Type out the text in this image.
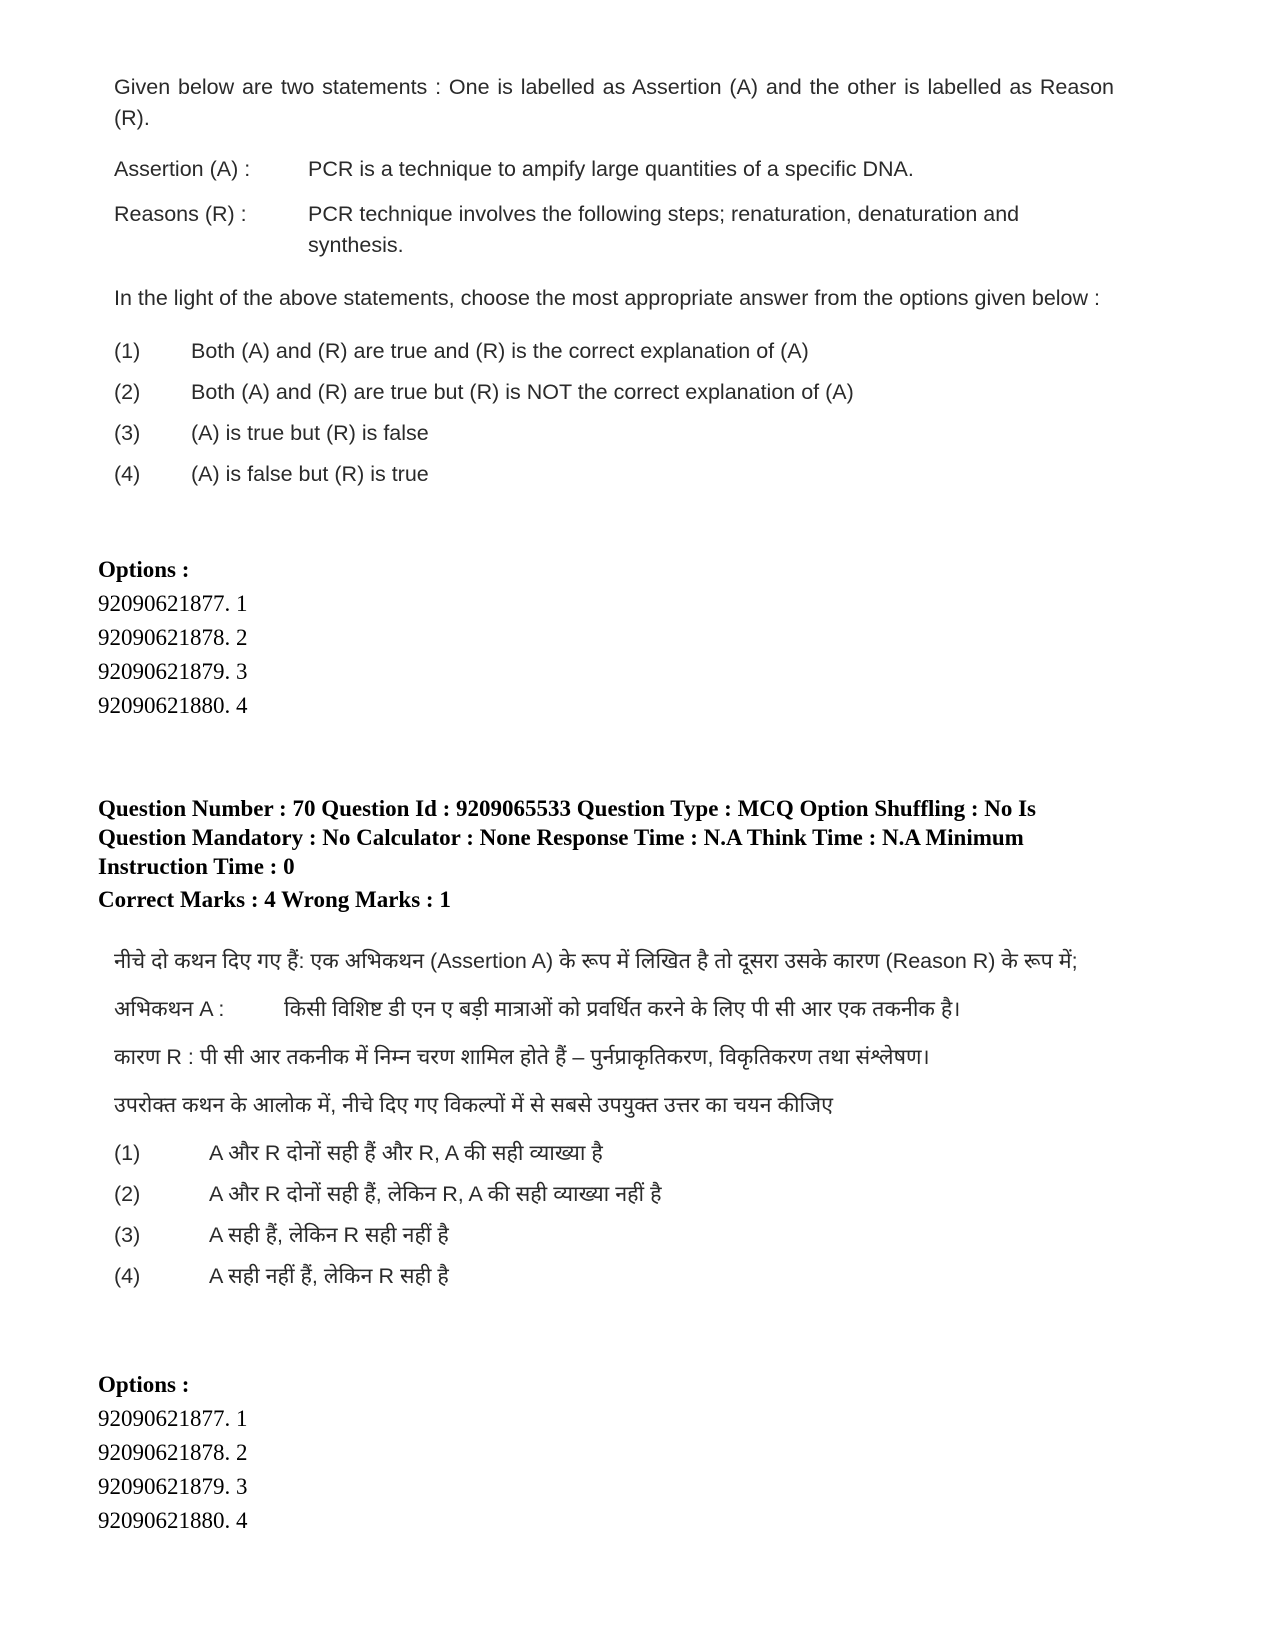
Given below are two statements : One is labelled as Assertion (A) and the other is labelled as Reason (R).

Assertion (A) :	PCR is a technique to ampify large quantities of a specific DNA.
Reasons (R) :	PCR technique involves the following steps; renaturation, denaturation and synthesis.

In the light of the above statements, choose the most appropriate answer from the options given below :

(1)	Both (A) and (R) are true and (R) is the correct explanation of (A)
(2)	Both (A) and (R) are true but (R) is NOT the correct explanation of (A)
(3)	(A) is true but (R) is false
(4)	(A) is false but (R) is true
Options :
92090621877. 1
92090621878. 2
92090621879. 3
92090621880. 4
Question Number : 70 Question Id : 9209065533 Question Type : MCQ Option Shuffling : No Is Question Mandatory : No Calculator : None Response Time : N.A Think Time : N.A Minimum Instruction Time : 0
Correct Marks : 4 Wrong Marks : 1

नीचे दो कथन दिए गए हैं: एक अभिकथन (Assertion A) के रूप में लिखित है तो दूसरा उसके कारण (Reason R) के रूप में;

अभिकथन A :	किसी विशिष्ट डी एन ए बड़ी मात्राओं को प्रवर्धित करने के लिए पी सी आर एक तकनीक है।
कारण R : पी सी आर तकनीक में निम्न चरण शामिल होते हैं – पुर्नप्राकृतिकरण, विकृतिकरण तथा संश्लेषण।
उपरोक्त कथन के आलोक में, नीचे दिए गए विकल्पों में से सबसे उपयुक्त उत्तर का चयन कीजिए
(1)	A और R दोनों सही हैं और R, A की सही व्याख्या है
(2)	A और R दोनों सही हैं, लेकिन R, A की सही व्याख्या नहीं है
(3)	A सही हैं, लेकिन R सही नहीं है
(4)	A सही नहीं हैं, लेकिन R सही है
Options :
92090621877. 1
92090621878. 2
92090621879. 3
92090621880. 4
